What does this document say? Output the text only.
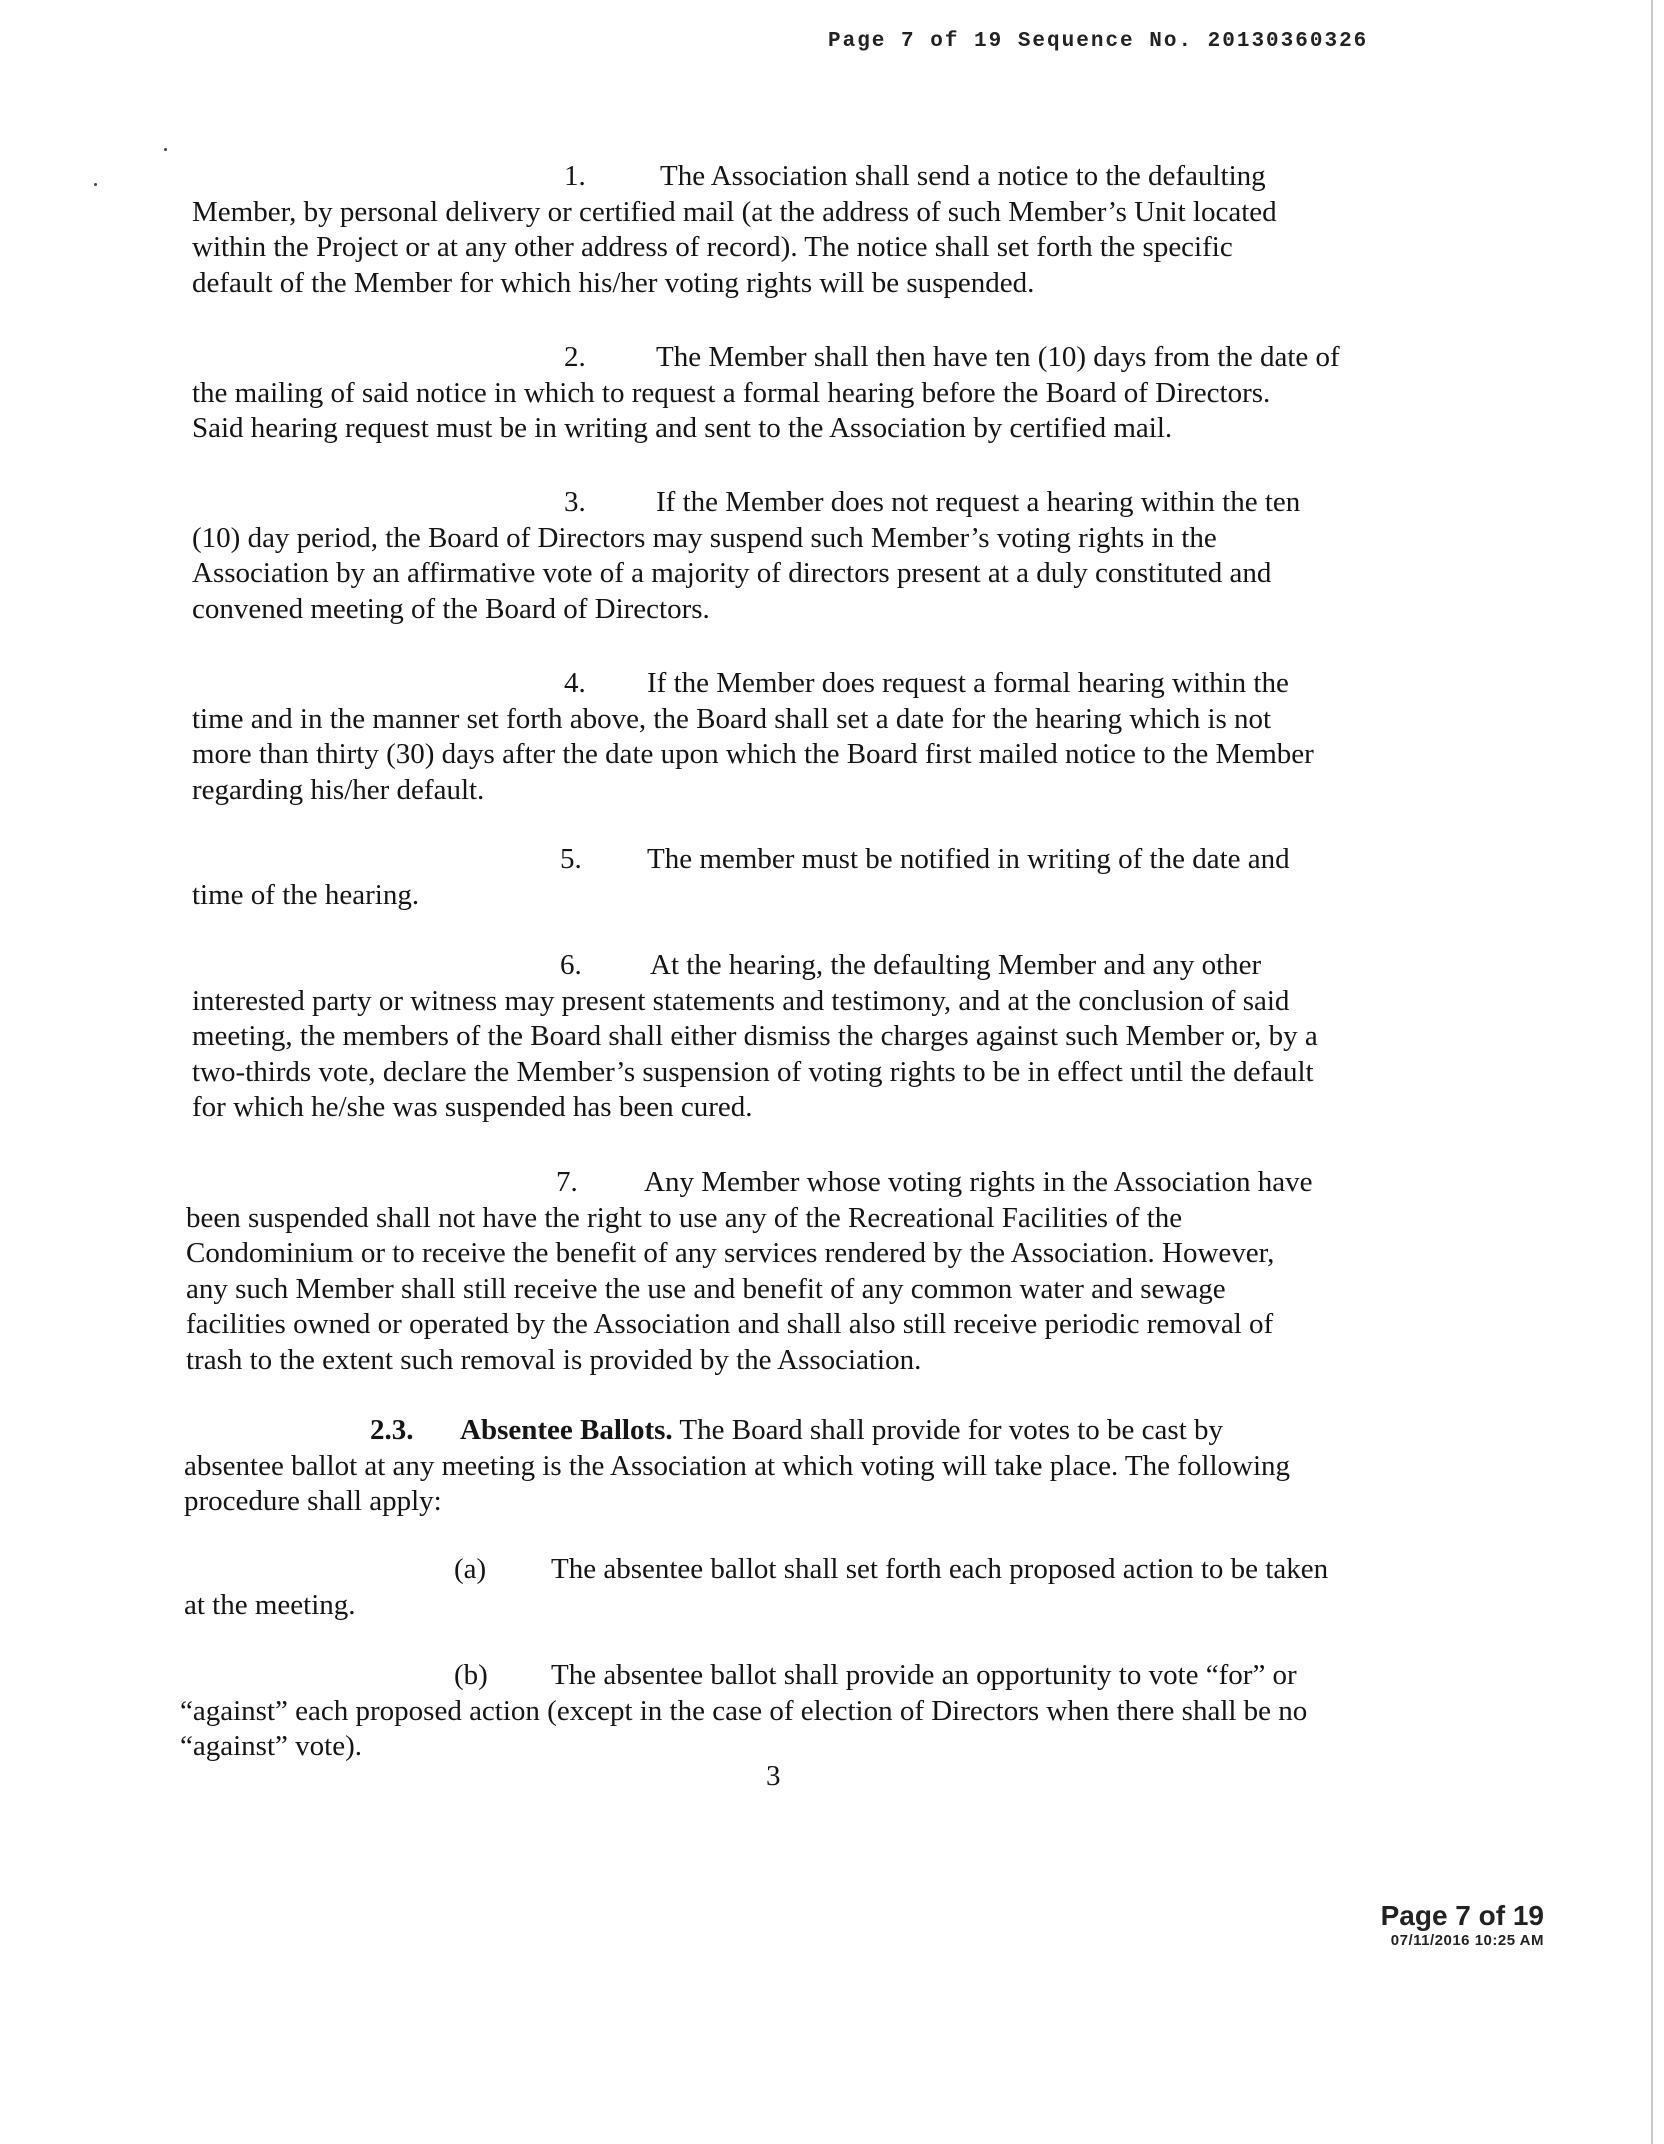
Page 7 of 19 Sequence No. 20130360326
1.	The Association shall send a notice to the defaulting
Member, by personal delivery or certified mail (at the address of such Member’s Unit located
within the Project or at any other address of record). The notice shall set forth the specific
default of the Member for which his/her voting rights will be suspended.
2.	The Member shall then have ten (10) days from the date of
the mailing of said notice in which to request a formal hearing before the Board of Directors.
Said hearing request must be in writing and sent to the Association by certified mail.
3.	If the Member does not request a hearing within the ten
(10) day period, the Board of Directors may suspend such Member’s voting rights in the
Association by an affirmative vote of a majority of directors present at a duly constituted and
convened meeting of the Board of Directors.
4.	If the Member does request a formal hearing within the
time and in the manner set forth above, the Board shall set a date for the hearing which is not
more than thirty (30) days after the date upon which the Board first mailed notice to the Member
regarding his/her default.
5.	The member must be notified in writing of the date and
time of the hearing.
6.	At the hearing, the defaulting Member and any other
interested party or witness may present statements and testimony, and at the conclusion of said
meeting, the members of the Board shall either dismiss the charges against such Member or, by a
two-thirds vote, declare the Member’s suspension of voting rights to be in effect until the default
for which he/she was suspended has been cured.
7.	Any Member whose voting rights in the Association have
been suspended shall not have the right to use any of the Recreational Facilities of the
Condominium or to receive the benefit of any services rendered by the Association. However,
any such Member shall still receive the use and benefit of any common water and sewage
facilities owned or operated by the Association and shall also still receive periodic removal of
trash to the extent such removal is provided by the Association.
2.3.	Absentee Ballots. The Board shall provide for votes to be cast by
absentee ballot at any meeting is the Association at which voting will take place. The following
procedure shall apply:
(a)	The absentee ballot shall set forth each proposed action to be taken
at the meeting.
(b)	The absentee ballot shall provide an opportunity to vote “for” or
“against” each proposed action (except in the case of election of Directors when there shall be no
“against” vote).
3
Page 7 of 19
07/11/2016 10:25 AM
